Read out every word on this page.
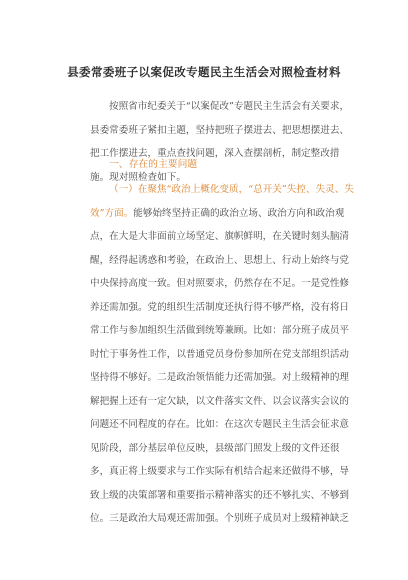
县委常委班子以案促改专题民主生活会对照检查材料
按照省市纪委关于“以案促改”专题民主生活会有关要求，县委常委班子紧扣主题，坚持把班子摆进去、把思想摆进去、把工作摆进去，重点查找问题，深入查摆剖析，制定整改措施。现对照检查如下。
一、存在的主要问题
（一）在聚焦“政治上概化变质，“总开关”失控、失灵、失效”方面。能够始终坚持正确的政治立场、政治方向和政治观点，在大是大非面前立场坚定、旗帜鲜明，在关键时刻头脑清醒，经得起诱惑和考验，在政治上、思想上、行动上始终与党中央保持高度一致。但对照要求，仍然存在不足。一是党性修养还需加强。党的组织生活制度还执行得不够严格，没有将日常工作与参加组织生活做到统筹兼顾。比如：部分班子成员平时忙于事务性工作，以普通党员身份参加所在党支部组织活动坚持得不够好。二是政治领悟能力还需加强。对上级精神的理解把握上还有一定欠缺，以文件落实文件、以会议落实会议的问题还不同程度的存在。比如：在这次专题民主生活会征求意见阶段，部分基层单位反映，县级部门照发上级的文件还很多，真正将上级要求与工作实际有机结合起来还做得不够，导致上级的决策部署和重要指示精神落实的还不够扎实、不够到位。三是政治大局观还需加强。个别班子成员对上级精神缺乏
